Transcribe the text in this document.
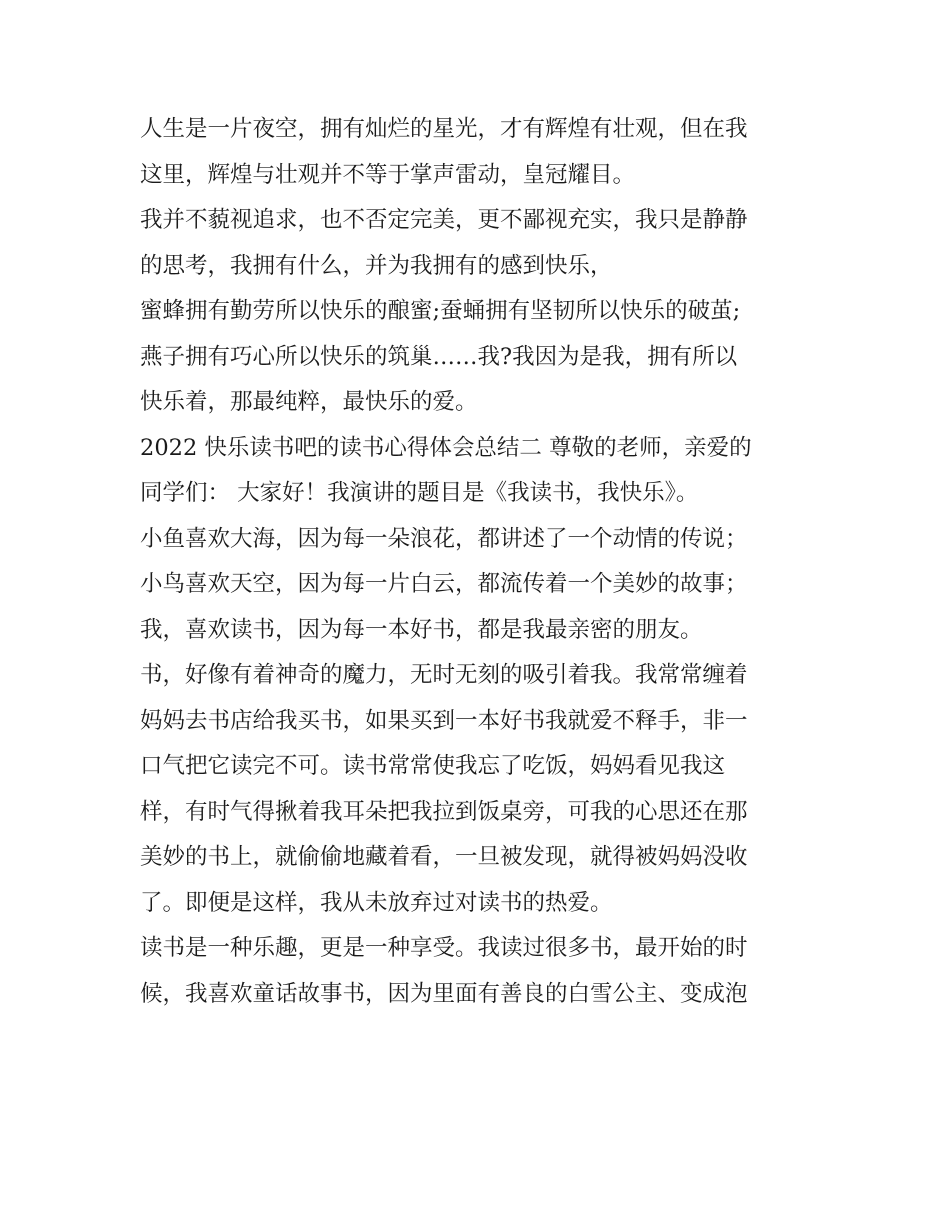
人生是一片夜空，拥有灿烂的星光，才有辉煌有壮观，但在我
这里，辉煌与壮观并不等于掌声雷动，皇冠耀目。
我并不藐视追求，也不否定完美，更不鄙视充实，我只是静静
的思考，我拥有什么，并为我拥有的感到快乐，
蜜蜂拥有勤劳所以快乐的酿蜜;蚕蛹拥有坚韧所以快乐的破茧;
燕子拥有巧心所以快乐的筑巢……我?我因为是我，拥有所以
快乐着，那最纯粹，最快乐的爱。
2022 快乐读书吧的读书心得体会总结二 尊敬的老师，亲爱的
同学们： 大家好！我演讲的题目是《我读书，我快乐》。
小鱼喜欢大海，因为每一朵浪花，都讲述了一个动情的传说；
小鸟喜欢天空，因为每一片白云，都流传着一个美妙的故事；
我，喜欢读书，因为每一本好书，都是我最亲密的朋友。
书，好像有着神奇的魔力，无时无刻的吸引着我。我常常缠着
妈妈去书店给我买书，如果买到一本好书我就爱不释手，非一
口气把它读完不可。读书常常使我忘了吃饭，妈妈看见我这
样，有时气得揪着我耳朵把我拉到饭桌旁，可我的心思还在那
美妙的书上，就偷偷地藏着看，一旦被发现，就得被妈妈没收
了。即便是这样，我从未放弃过对读书的热爱。
读书是一种乐趣，更是一种享受。我读过很多书，最开始的时
候，我喜欢童话故事书，因为里面有善良的白雪公主、变成泡
